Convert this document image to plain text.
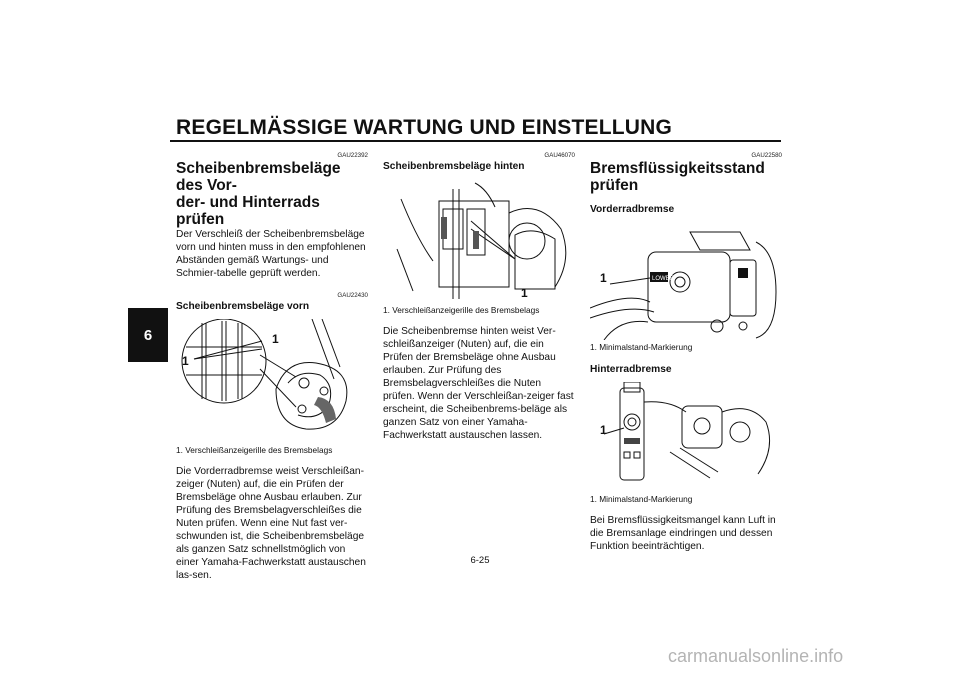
REGELMÄSSIGE WARTUNG UND EINSTELLUNG
6
GAU22392
Scheibenbremsbeläge des Vor-
der- und Hinterrads prüfen

Der Verschleiß der Scheibenbremsbeläge vorn und hinten muss in den empfohlenen Abständen gemäß Wartungs- und Schmier-tabelle geprüft werden.

GAU22430
Scheibenbremsbeläge vorn
1
1

1. Verschleißanzeigerille des Bremsbelags

Die Vorderradbremse weist Verschleißan-zeiger (Nuten) auf, die ein Prüfen der Bremsbeläge ohne Ausbau erlauben. Zur Prüfung des Bremsbelagverschleißes die Nuten prüfen. Wenn eine Nut fast ver-schwunden ist, die Scheibenbremsbeläge als ganzen Satz schnellstmöglich von einer Yamaha-Fachwerkstatt austauschen las-sen.

GAU46070
Scheibenbremsbeläge hinten
1

1. Verschleißanzeigerille des Bremsbelags

Die Scheibenbremse hinten weist Ver-schleißanzeiger (Nuten) auf, die ein Prüfen der Bremsbeläge ohne Ausbau erlauben. Zur Prüfung des Bremsbelagverschleißes die Nuten prüfen. Wenn der Verschleißan-zeiger fast erscheint, die Scheibenbrems-beläge als ganzen Satz von einer Yamaha-Fachwerkstatt austauschen lassen.

GAU22580
Bremsflüssigkeitsstand prüfen
Vorderradbremse
LOWER
1

1. Minimalstand-Markierung

Hinterradbremse
1

1. Minimalstand-Markierung

Bei Bremsflüssigkeitsmangel kann Luft in die Bremsanlage eindringen und dessen Funktion beeinträchtigen.

6-25
carmanualsonline.info
